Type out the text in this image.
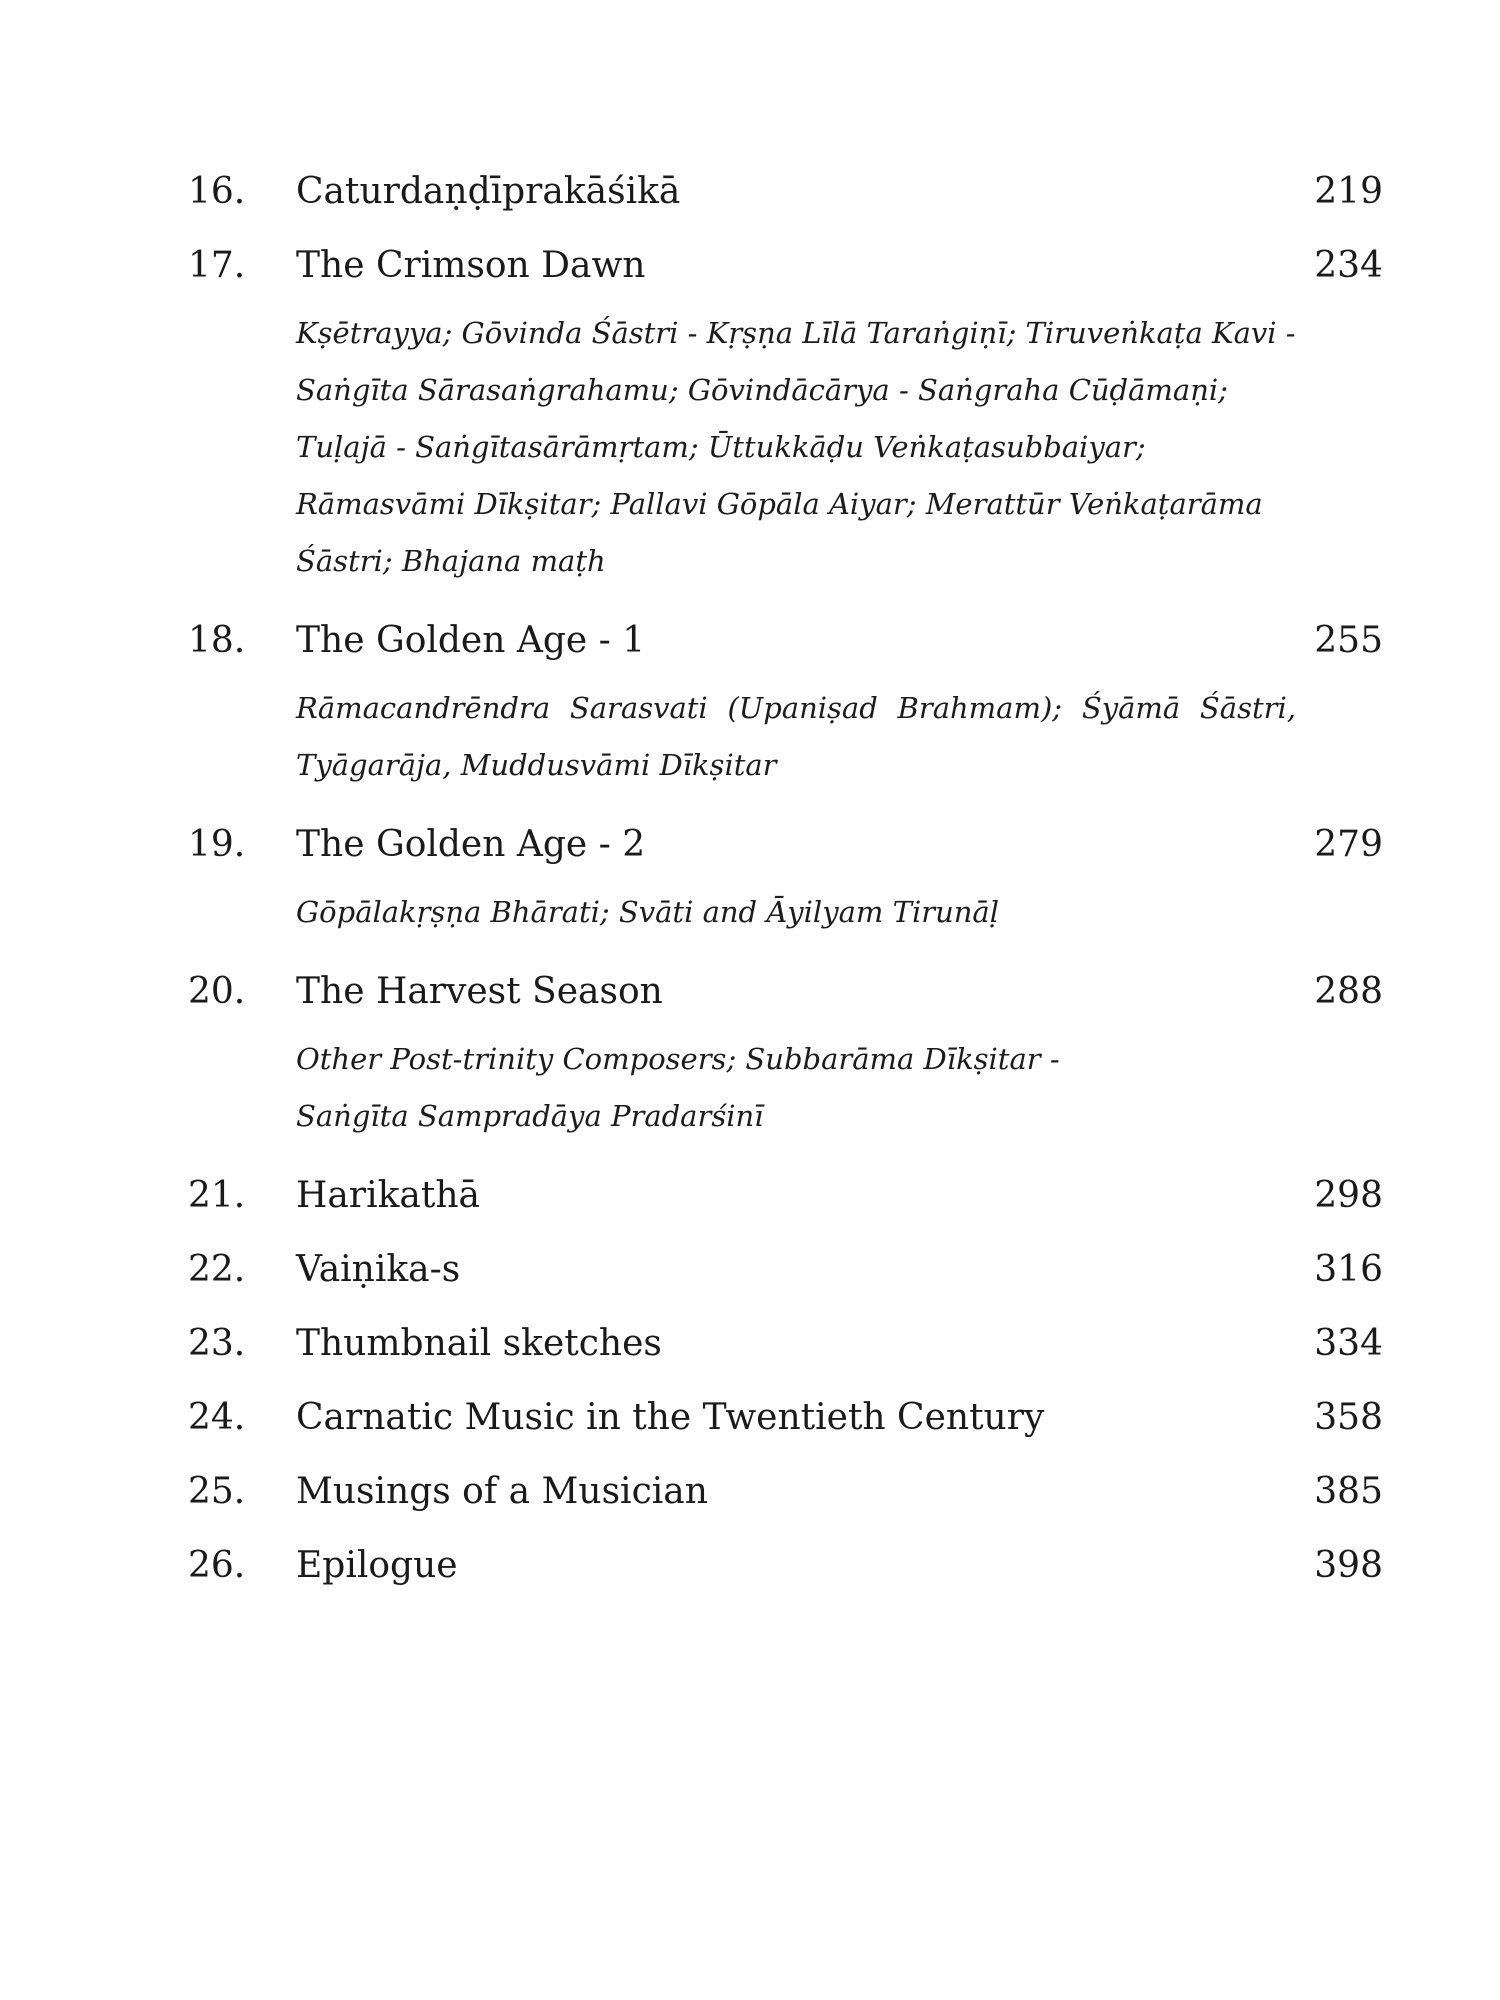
16.	Caturdaṇḍīprakāśikā	219
17.	The Crimson Dawn	234
Kṣētrayya; Gōvinda Śāstri - Kṛṣṇa Līlā Taraṅgiṇī; Tiruveṅkaṭa Kavi - Saṅgīta Sārasaṅgrahamu; Gōvindācārya - Saṅgraha Cūḍāmaṇi; Tuḷajā - Saṅgītasārāmṛtam; Ūttukkāḍu Veṅkaṭasubbaiyar; Rāmasvāmi Dīkṣitar; Pallavi Gōpāla Aiyar; Merattūr Veṅkaṭarāma Śāstri; Bhajana maṭh
18.	The Golden Age - 1	255
Rāmacandrēndra Sarasvati (Upaniṣad Brahmam); Śyāmā Śāstri, Tyāgarāja, Muddusvāmi Dīkṣitar
19.	The Golden Age - 2	279
Gōpālakṛṣṇa Bhārati; Svāti and Āyilyam Tirunāḷ
20.	The Harvest Season	288
Other Post-trinity Composers; Subbarāma Dīkṣitar - Saṅgīta Sampradāya Pradarśinī
21.	Harikathā	298
22.	Vaiṇika-s	316
23.	Thumbnail sketches	334
24.	Carnatic Music in the Twentieth Century	358
25.	Musings of a Musician	385
26.	Epilogue	398
